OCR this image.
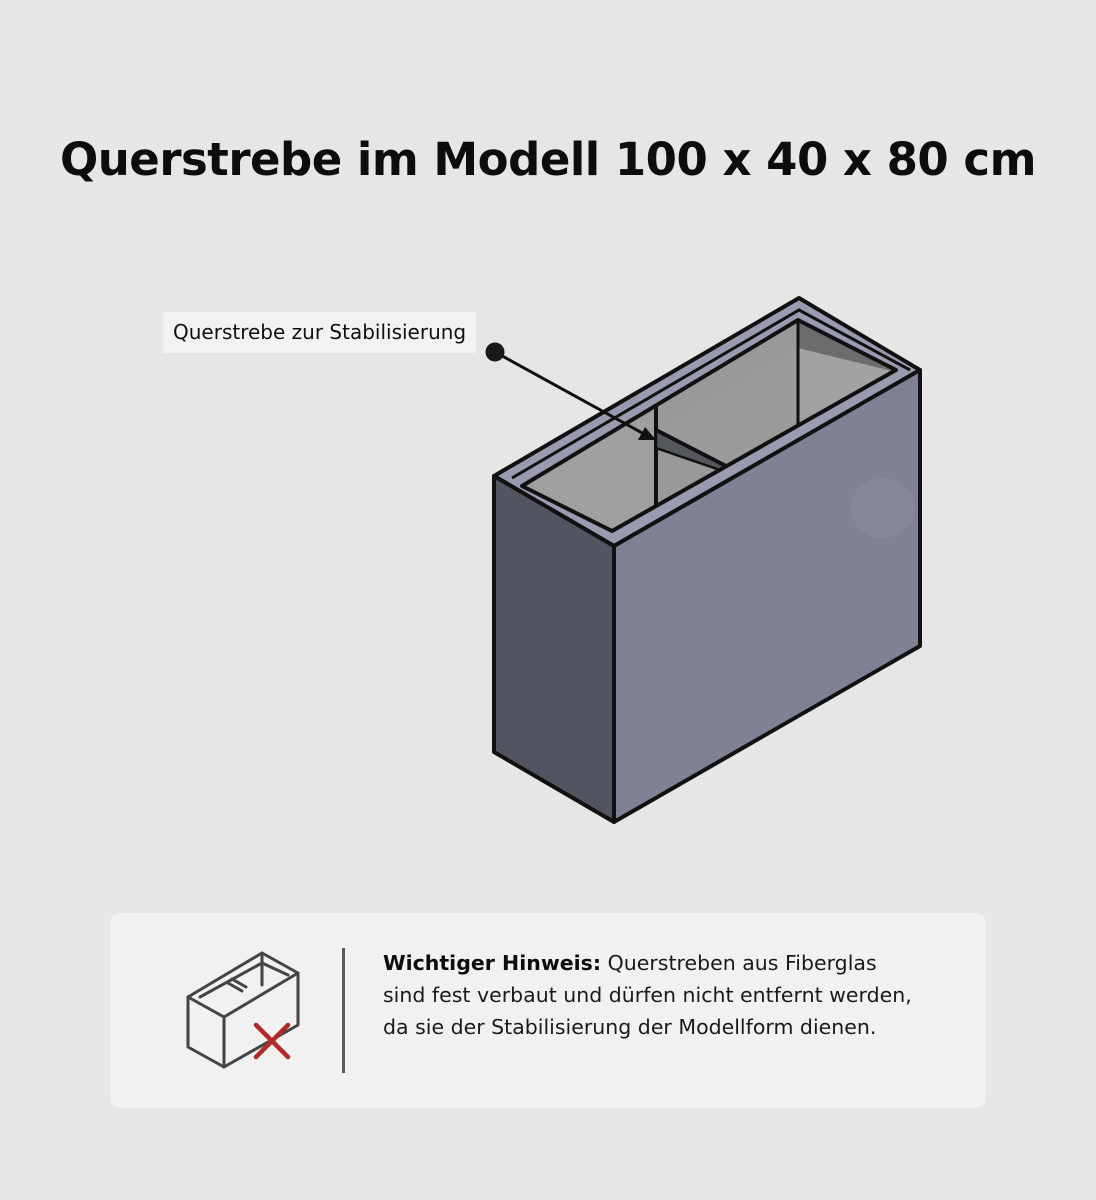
Querstrebe im Modell 100 x 40 x 80 cm
Querstrebe zur Stabilisierung
Wichtiger Hinweis: Querstreben aus Fiberglas sind fest verbaut und dürfen nicht entfernt werden, da sie der Stabilisierung der Modellform dienen.
